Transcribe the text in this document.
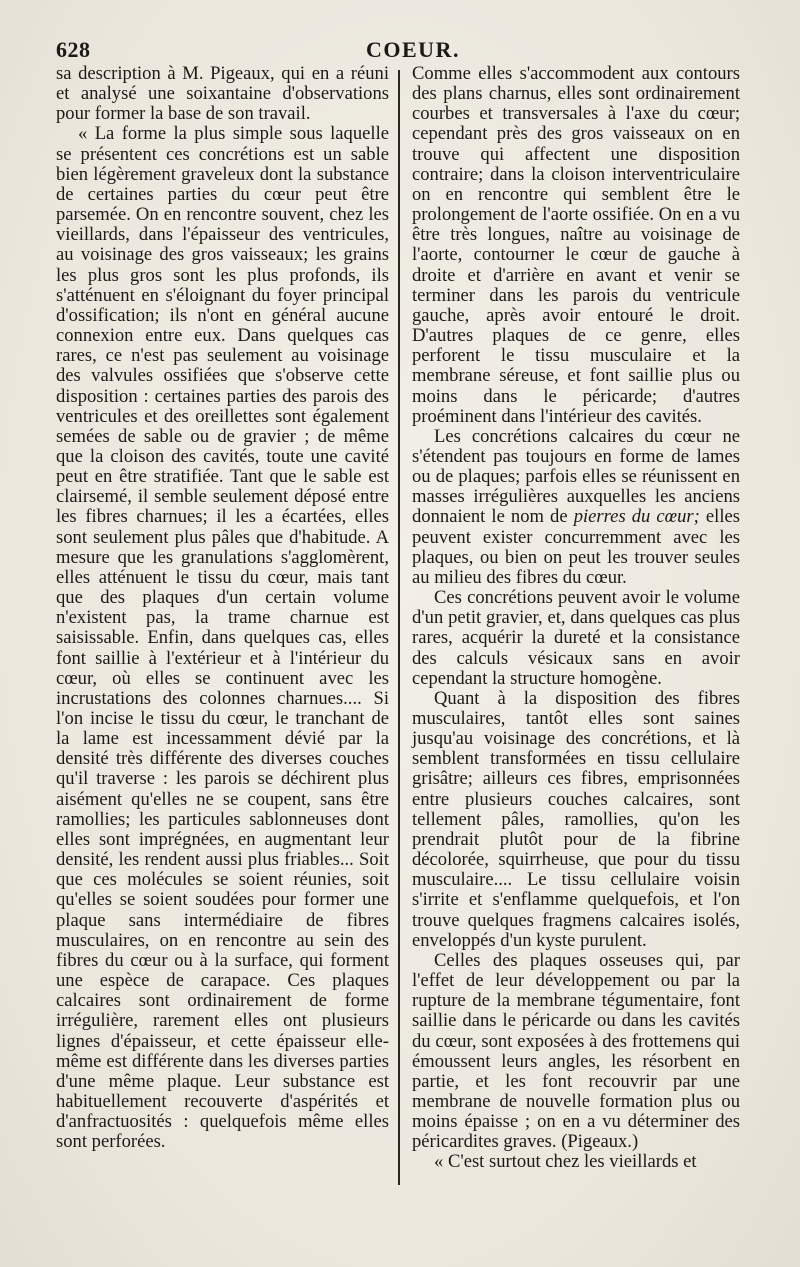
628	COEUR.

sa description à M. Pigeaux, qui en a réuni et analysé une soixantaine d'observations pour former la base de son travail.

« La forme la plus simple sous laquelle se présentent ces concrétions est un sable bien légèrement graveleux dont la substance de certaines parties du cœur peut être parsemée. On en rencontre souvent, chez les vieillards, dans l'épaisseur des ventricules, au voisinage des gros vaisseaux; les grains les plus gros sont les plus profonds, ils s'atténuent en s'éloignant du foyer principal d'ossification; ils n'ont en général aucune connexion entre eux. Dans quelques cas rares, ce n'est pas seulement au voisinage des valvules ossifiées que s'observe cette disposition : certaines parties des parois des ventricules et des oreillettes sont également semées de sable ou de gravier ; de même que la cloison des cavités, toute une cavité peut en être stratifiée. Tant que le sable est clairsemé, il semble seulement déposé entre les fibres charnues; il les a écartées, elles sont seulement plus pâles que d'habitude. A mesure que les granulations s'agglomèrent, elles atténuent le tissu du cœur, mais tant que des plaques d'un certain volume n'existent pas, la trame charnue est saisissable. Enfin, dans quelques cas, elles font saillie à l'extérieur et à l'intérieur du cœur, où elles se continuent avec les incrustations des colonnes charnues.... Si l'on incise le tissu du cœur, le tranchant de la lame est incessamment dévié par la densité très différente des diverses couches qu'il traverse : les parois se déchirent plus aisément qu'elles ne se coupent, sans être ramollies; les particules sablonneuses dont elles sont imprégnées, en augmentant leur densité, les rendent aussi plus friables... Soit que ces molécules se soient réunies, soit qu'elles se soient soudées pour former une plaque sans intermédiaire de fibres musculaires, on en rencontre au sein des fibres du cœur ou à la surface, qui forment une espèce de carapace. Ces plaques calcaires sont ordinairement de forme irrégulière, rarement elles ont plusieurs lignes d'épaisseur, et cette épaisseur elle-même est différente dans les diverses parties d'une même plaque. Leur substance est habituellement recouverte d'aspérités et d'anfractuosités : quelquefois même elles sont perforées.

Comme elles s'accommodent aux contours des plans charnus, elles sont ordinairement courbes et transversales à l'axe du cœur; cependant près des gros vaisseaux on en trouve qui affectent une disposition contraire; dans la cloison interventriculaire on en rencontre qui semblent être le prolongement de l'aorte ossifiée. On en a vu être très longues, naître au voisinage de l'aorte, contourner le cœur de gauche à droite et d'arrière en avant et venir se terminer dans les parois du ventricule gauche, après avoir entouré le droit. D'autres plaques de ce genre, elles perforent le tissu musculaire et la membrane séreuse, et font saillie plus ou moins dans le péricarde; d'autres proéminent dans l'intérieur des cavités.

Les concrétions calcaires du cœur ne s'étendent pas toujours en forme de lames ou de plaques; parfois elles se réunissent en masses irrégulières auxquelles les anciens donnaient le nom de pierres du cœur; elles peuvent exister concurremment avec les plaques, ou bien on peut les trouver seules au milieu des fibres du cœur.

Ces concrétions peuvent avoir le volume d'un petit gravier, et, dans quelques cas plus rares, acquérir la dureté et la consistance des calculs vésicaux sans en avoir cependant la structure homogène.

Quant à la disposition des fibres musculaires, tantôt elles sont saines jusqu'au voisinage des concrétions, et là semblent transformées en tissu cellulaire grisâtre; ailleurs ces fibres, emprisonnées entre plusieurs couches calcaires, sont tellement pâles, ramollies, qu'on les prendrait plutôt pour de la fibrine décolorée, squirrheuse, que pour du tissu musculaire.... Le tissu cellulaire voisin s'irrite et s'enflamme quelquefois, et l'on trouve quelques fragmens calcaires isolés, enveloppés d'un kyste purulent.

Celles des plaques osseuses qui, par l'effet de leur développement ou par la rupture de la membrane tégumentaire, font saillie dans le péricarde ou dans les cavités du cœur, sont exposées à des frottemens qui émoussent leurs angles, les résorbent en partie, et les font recouvrir par une membrane de nouvelle formation plus ou moins épaisse ; on en a vu déterminer des péricardites graves. (Pigeaux.)

« C'est surtout chez les vieillards et
